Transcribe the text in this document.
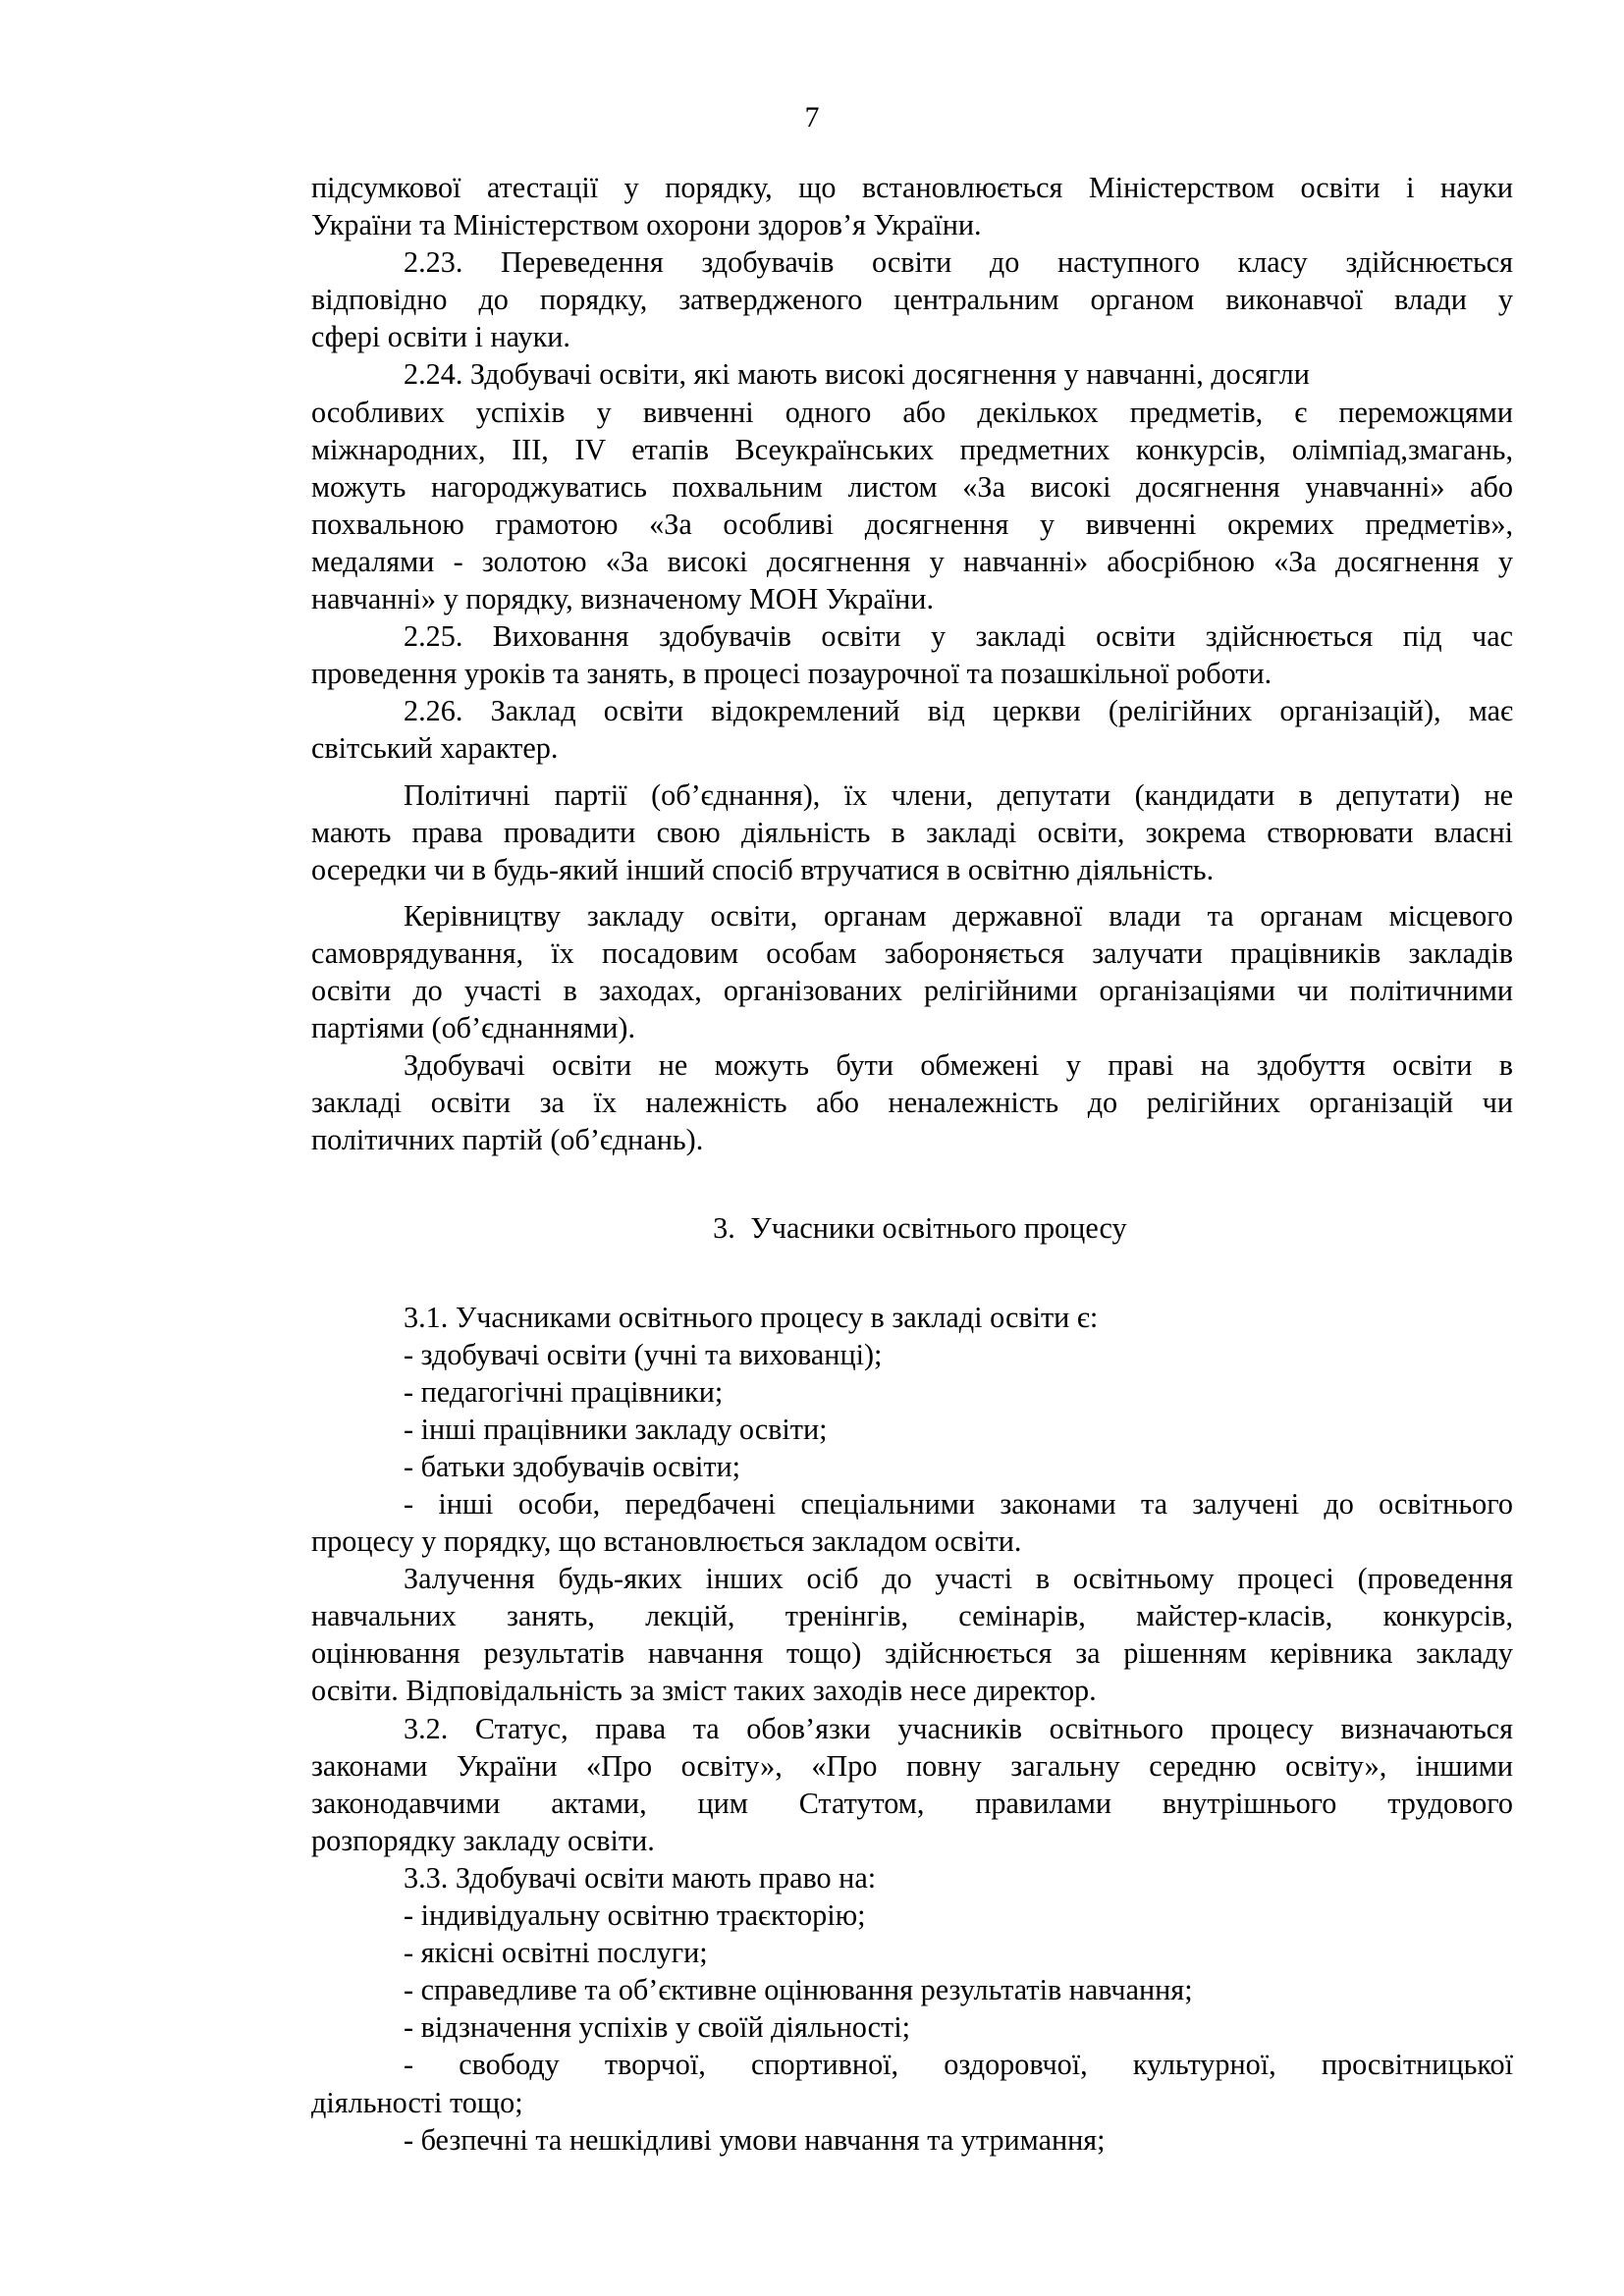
7

підсумкової атестації у порядку, що встановлюється Міністерством освіти і науки

України та Міністерством охорони здоров’я України.

2.23. Переведення здобувачів освіти до наступного класу здійснюється

відповідно до порядку, затвердженого центральним органом виконавчої влади у

сфері освіти і науки.

2.24. Здобувачі освіти, які мають високі досягнення у навчанні, досягли

особливих успіхів у вивченні одного або декількох предметів, є переможцями

міжнародних, ІІІ, IV етапів Всеукраїнських предметних конкурсів, олімпіад,змагань,

можуть нагороджуватись похвальним листом «За високі досягнення унавчанні» або

похвальною грамотою «За особливі досягнення у вивченні окремих предметів»,

медалями - золотою «За високі досягнення у навчанні» абосрібною «За досягнення у

навчанні» у порядку, визначеному МОН України.

2.25. Виховання здобувачів освіти у закладі освіти здійснюється під час

проведення уроків та занять, в процесі позаурочної та позашкільної роботи.

2.26. Заклад освіти відокремлений від церкви (релігійних організацій), має

світський характер.

Політичні партії (об’єднання), їх члени, депутати (кандидати в депутати) не

мають права провадити свою діяльність в закладі освіти, зокрема створювати власні

осередки чи в будь-який інший спосіб втручатися в освітню діяльність.

Керівництву закладу освіти, органам державної влади та органам місцевого

самоврядування, їх посадовим особам забороняється залучати працівників закладів

освіти до участі в заходах, організованих релігійними організаціями чи політичними

партіями (об’єднаннями).

Здобувачі освіти не можуть бути обмежені у праві на здобуття освіти в

закладі освіти за їх належність або неналежність до релігійних організацій чи

політичних партій (об’єднань).

3. Учасники освітнього процесу

3.1. Учасниками освітнього процесу в закладі освіти є:

- здобувачі освіти (учні та вихованці);

- педагогічні працівники;

- інші працівники закладу освіти;

- батьки здобувачів освіти;

- інші особи, передбачені спеціальними законами та залучені до освітнього

процесу у порядку, що встановлюється закладом освіти.

Залучення будь-яких інших осіб до участі в освітньому процесі (проведення

навчальних занять, лекцій, тренінгів, семінарів, майстер-класів, конкурсів,

оцінювання результатів навчання тощо) здійснюється за рішенням керівника закладу

освіти. Відповідальність за зміст таких заходів несе директор.

3.2. Статус, права та обов’язки учасників освітнього процесу визначаються

законами України «Про освіту», «Про повну загальну середню освіту», іншими

законодавчими актами, цим Статутом, правилами внутрішнього трудового

розпорядку закладу освіти.

3.3. Здобувачі освіти мають право на:

- індивідуальну освітню траєкторію;

- якісні освітні послуги;

- справедливе та об’єктивне оцінювання результатів навчання;

- відзначення успіхів у своїй діяльності;

- свободу творчої, спортивної, оздоровчої, культурної, просвітницької

діяльності тощо;

- безпечні та нешкідливі умови навчання та утримання;
